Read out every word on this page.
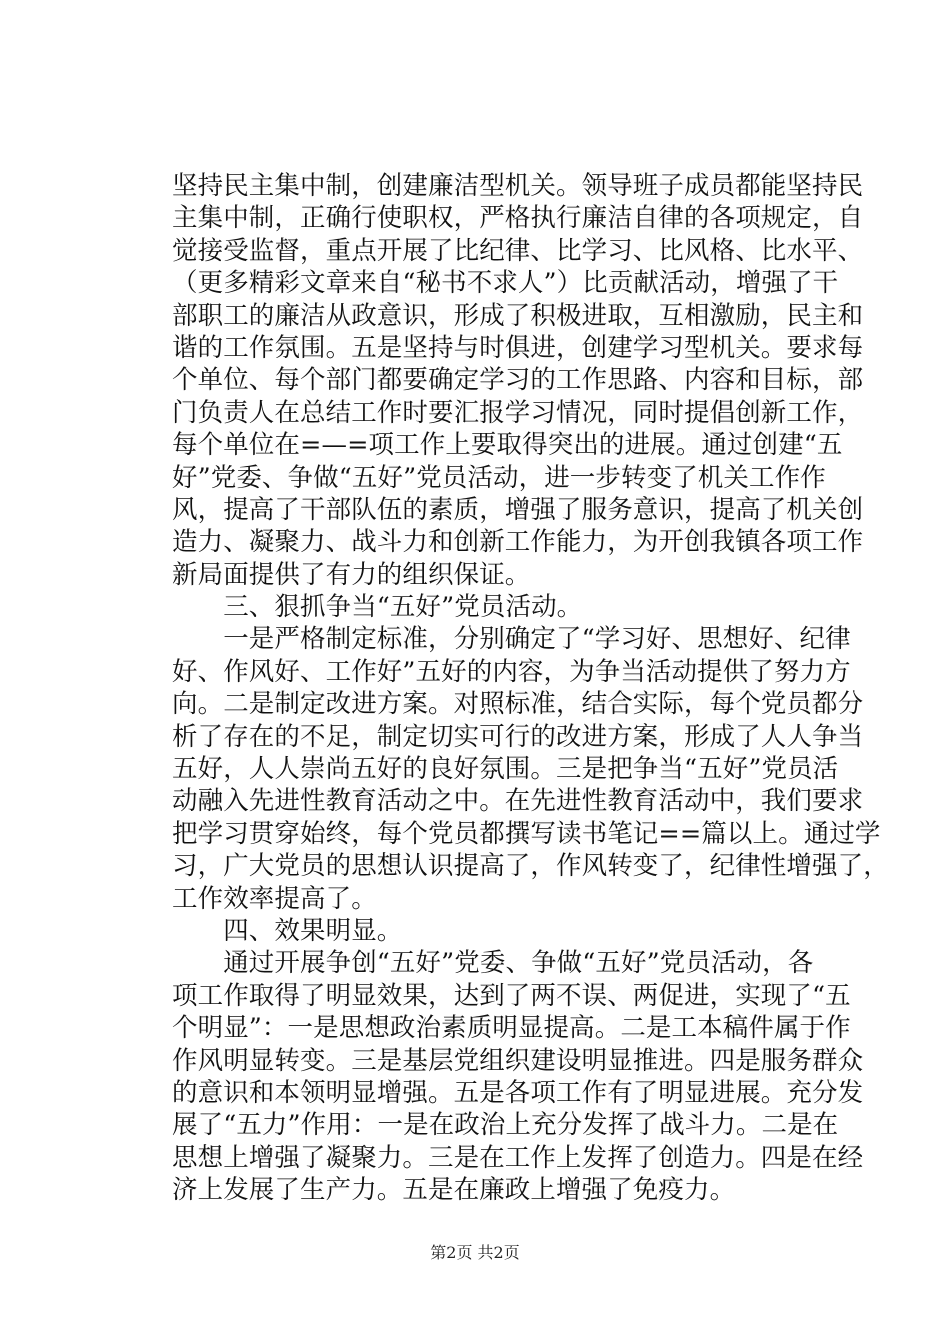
坚持民主集中制，创建廉洁型机关。领导班子成员都能坚持民
主集中制，正确行使职权，严格执行廉洁自律的各项规定，自
觉接受监督，重点开展了比纪律、比学习、比风格、比水平、
（更多精彩文章来自“秘书不求人”）比贡献活动，增强了干
部职工的廉洁从政意识，形成了积极进取，互相激励，民主和
谐的工作氛围。五是坚持与时俱进，创建学习型机关。要求每
个单位、每个部门都要确定学习的工作思路、内容和目标，部
门负责人在总结工作时要汇报学习情况，同时提倡创新工作，
每个单位在=—=项工作上要取得突出的进展。通过创建“五
好”党委、争做“五好”党员活动，进一步转变了机关工作作
风，提高了干部队伍的素质，增强了服务意识，提高了机关创
造力、凝聚力、战斗力和创新工作能力，为开创我镇各项工作
新局面提供了有力的组织保证。
　　三、狠抓争当“五好”党员活动。
　　一是严格制定标准，分别确定了“学习好、思想好、纪律
好、作风好、工作好”五好的内容，为争当活动提供了努力方
向。二是制定改进方案。对照标准，结合实际，每个党员都分
析了存在的不足，制定切实可行的改进方案，形成了人人争当
五好，人人崇尚五好的良好氛围。三是把争当“五好”党员活
动融入先进性教育活动之中。在先进性教育活动中，我们要求
把学习贯穿始终，每个党员都撰写读书笔记==篇以上。通过学
习，广大党员的思想认识提高了，作风转变了，纪律性增强了，
工作效率提高了。
　　四、效果明显。
　　通过开展争创“五好”党委、争做“五好”党员活动，各
项工作取得了明显效果，达到了两不误、两促进，实现了“五
个明显”：一是思想政治素质明显提高。二是工本稿件属于作
作风明显转变。三是基层党组织建设明显推进。四是服务群众
的意识和本领明显增强。五是各项工作有了明显进展。充分发
展了“五力”作用：一是在政治上充分发挥了战斗力。二是在
思想上增强了凝聚力。三是在工作上发挥了创造力。四是在经
济上发展了生产力。五是在廉政上增强了免疫力。
第2页 共2页
